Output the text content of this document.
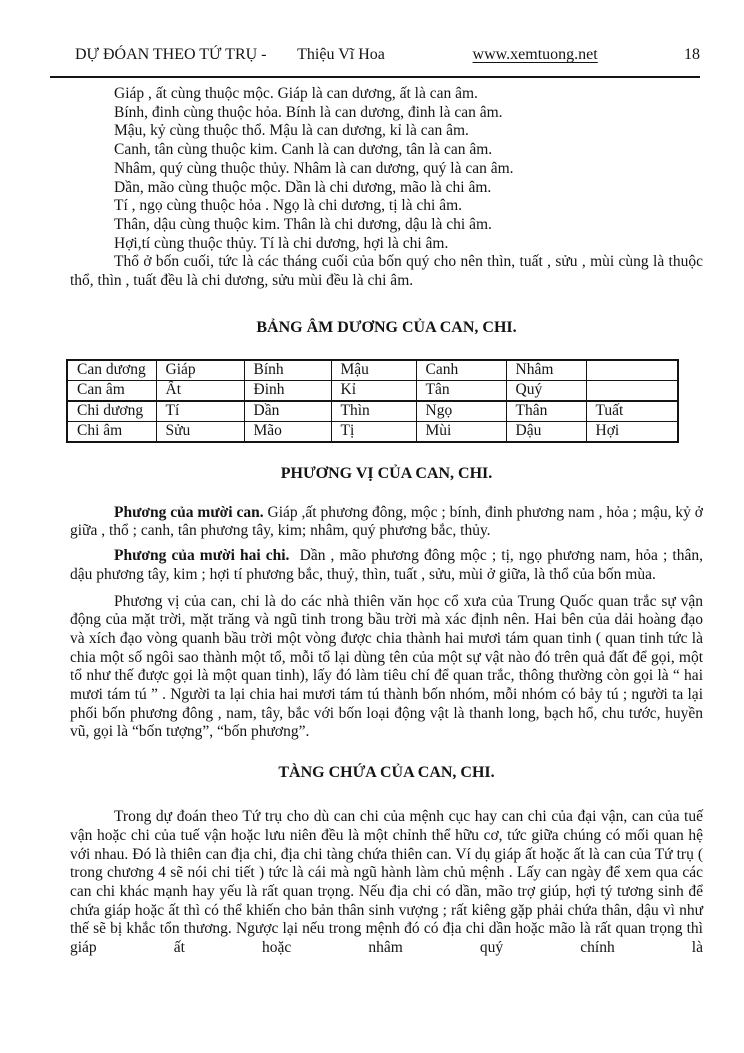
DỰ ĐÓAN THEO TỨ TRỤ -	Thiệu Vĩ Hoa	www.xemtuong.net	18
Giáp , ất cùng thuộc mộc. Giáp là can dương, ất là can âm.
Bính, đinh cùng thuộc hỏa. Bính là can dương, đinh là can âm.
Mậu, kỷ cùng thuộc thổ. Mậu là can dương, kỉ là can âm.
Canh, tân cùng thuộc kim. Canh là can dương, tân là can âm.
Nhâm, quý cùng thuộc thủy. Nhâm là can dương, quý là can âm.
Dần, mão cùng thuộc mộc. Dần là chi dương, mão là chi âm.
Tí , ngọ cùng thuộc hỏa . Ngọ là chi dương, tị là chi âm.
Thân, dậu cùng thuộc kim. Thân là chi dương, dậu là chi âm.
Hợi,tí cùng thuộc thủy. Tí là chi dương, hợi là chi âm.

Thổ ở bốn cuối, tức là các tháng cuối của bốn quý cho nên thìn, tuất , sửu , mùi cùng là thuộc thổ, thìn , tuất đều là chi dương, sửu mùi đều là chi âm.

BẢNG ÂM DƯƠNG CỦA CAN, CHI.
Can dương	Giáp	Bính	Mậu	Canh	Nhâm	
Can âm	Ất	Đinh	Kỉ	Tân	Quý	
Chi dương	Tí	Dần	Thìn	Ngọ	Thân	Tuất
Chi âm	Sửu	Mão	Tị	Mùi	Dậu	Hợi
PHƯƠNG VỊ CỦA CAN, CHI.

Phương của mười can. Giáp ,ất phương đông, mộc ; bính, đinh phương nam , hỏa ; mậu, kỷ ở giữa , thổ ; canh, tân phương tây, kim; nhâm, quý phương bắc, thủy.

Phương của mười hai chi. Dần , mão phương đông mộc ; tị, ngọ phương nam, hỏa ; thân, dậu phương tây, kim ; hợi tí phương bắc, thuỷ, thìn, tuất , sửu, mùi ở giữa, là thổ của bốn mùa.

Phương vị của can, chi là do các nhà thiên văn học cổ xưa của Trung Quốc quan trắc sự vận động của mặt trời, mặt trăng và ngũ tinh trong bầu trời mà xác định nên. Hai bên của dải hoàng đạo và xích đạo vòng quanh bầu trời một vòng được chia thành hai mươi tám quan tinh ( quan tinh tức là chia một số ngôi sao thành một tổ, mỗi tổ lại dùng tên của một sự vật nào đó trên quả đất để gọi, một tổ như thế được gọi là một quan tinh), lấy đó làm tiêu chí để quan trắc, thông thường còn gọi là “ hai mươi tám tú ” . Người ta lại chia hai mươi tám tú thành bốn nhóm, mỗi nhóm có bảy tú ; người ta lại phối bốn phương đông , nam, tây, bắc với bốn loại động vật là thanh long, bạch hổ, chu tước, huyền vũ, gọi là “bốn tượng”, “bốn phương”.

TÀNG CHỨA CỦA CAN, CHI.

Trong dự đoán theo Tứ trụ cho dù can chi của mệnh cục hay can chi của đại vận, can của tuế vận hoặc chi của tuế vận hoặc lưu niên đều là một chỉnh thể hữu cơ, tức giữa chúng có mối quan hệ với nhau. Đó là thiên can địa chi, địa chi tàng chứa thiên can. Ví dụ giáp ất hoặc ất là can của Tứ trụ ( trong chương 4 sẽ nói chi tiết ) tức là cái mà ngũ hành làm chủ mệnh . Lấy can ngày để xem qua các can chi khác mạnh hay yếu là rất quan trọng. Nếu địa chi có dần, mão trợ giúp, hợi tý tương sinh để chứa giáp hoặc ất thì có thể khiến cho bản thân sinh vượng ; rất kiêng gặp phải chứa thân, dậu vì như thế sẽ bị khắc tổn thương. Ngược lại nếu trong mệnh đó có địa chi dần hoặc mão là rất quan trọng thì giáp ất hoặc nhâm quý chính là
